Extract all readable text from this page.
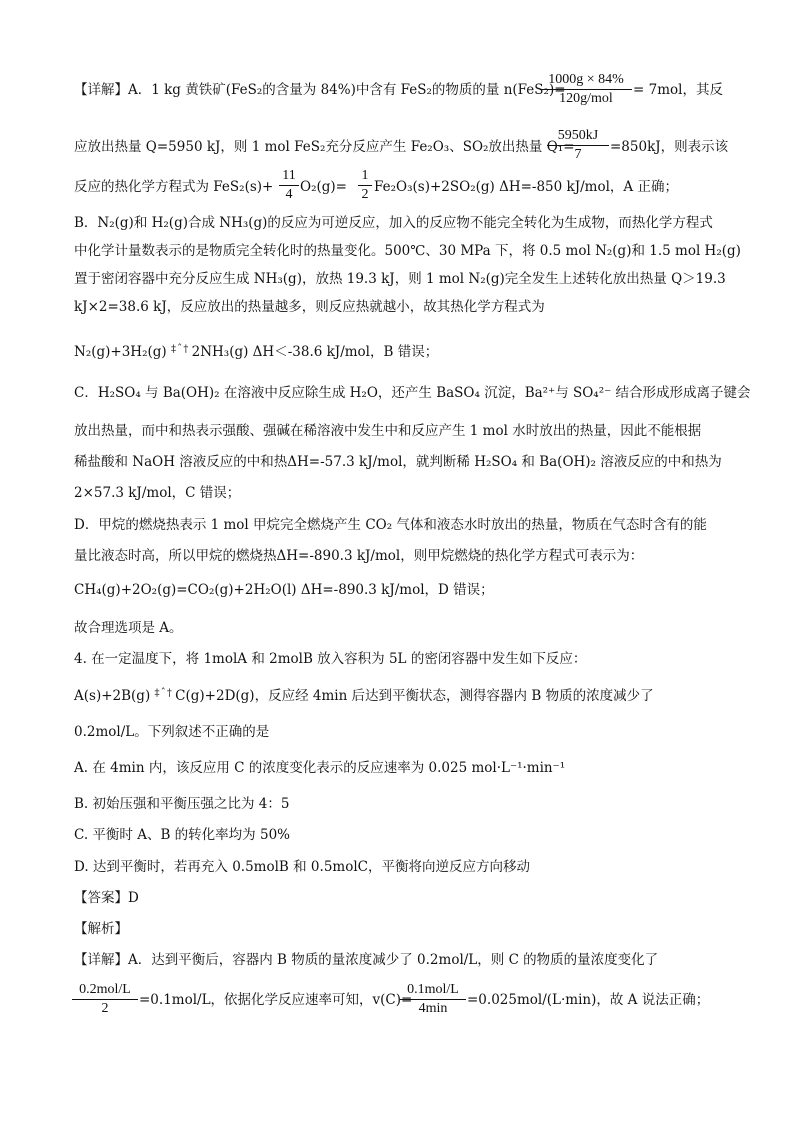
【详解】A．1 kg 黄铁矿(FeS₂的含量为 84%)中含有 FeS₂的物质的量 n(FeS₂)=
1000g × 84%
120g/mol
= 7mol，其反
应放出热量 Q=5950 kJ，则 1 mol FeS₂充分反应产生 Fe₂O₃、SO₂放出热量 Q₁=
$\frac{5950kJ}{7} =850kJ$，则表示该
反应的热化学方程式为 $FeS_2(s)+ \frac{11}{4} O_2(g)= \frac{1}{2} Fe_2O_3(s)+2SO_2(g)$ ΔH=-850 kJ/mol，A 正确；
B．N₂(g)和 H₂(g)合成 NH₃(g)的反应为可逆反应，加入的反应物不能完全转化为生成物，而热化学方程式
中化学计量数表示的是物质完全转化时的热量变化。500℃、30 MPa 下，将 0.5 mol N₂(g)和 1.5 mol H₂(g)
置于密闭容器中充分反应生成 NH₃(g)，放热 19.3 kJ，则 1 mol N₂(g)完全发生上述转化放出热量 Q＞19.3
kJ×2=38.6 kJ，反应放出的热量越多，则反应热就越小，故其热化学方程式为
N₂(g)+3H₂(g) ‡ ˆ † 2NH₃(g) ΔH＜-38.6 kJ/mol，B 错误；
C．H₂SO₄ 与 Ba(OH)₂ 在溶液中反应除生成 H₂O，还产生 BaSO₄ 沉淀，Ba²⁺与 SO₄²⁻ 结合形成形成离子键会
放出热量，而中和热表示强酸、强碱在稀溶液中发生中和反应产生 1 mol 水时放出的热量，因此不能根据
稀盐酸和 NaOH 溶液反应的中和热ΔH=-57.3 kJ/mol，就判断稀 H₂SO₄ 和 Ba(OH)₂ 溶液反应的中和热为
2×57.3 kJ/mol，C 错误；
D．甲烷的燃烧热表示 1 mol 甲烷完全燃烧产生 CO₂ 气体和液态水时放出的热量，物质在气态时含有的能
量比液态时高，所以甲烷的燃烧热ΔH=-890.3 kJ/mol，则甲烷燃烧的热化学方程式可表示为：
CH₄(g)+2O₂(g)=CO₂(g)+2H₂O(l) ΔH=-890.3 kJ/mol，D 错误；
故合理选项是 A。
4. 在一定温度下，将 1molA 和 2molB 放入容积为 5L 的密闭容器中发生如下反应：
A(s)+2B(g) ‡ ˆ † C(g)+2D(g)，反应经 4min 后达到平衡状态，测得容器内 B 物质的浓度减少了
0.2mol/L。下列叙述不正确的是
A. 在 4min 内，该反应用 C 的浓度变化表示的反应速率为 0.025 mol·L⁻¹·min⁻¹
B. 初始压强和平衡压强之比为 4：5
C. 平衡时 A、B 的转化率均为 50%
D. 达到平衡时，若再充入 0.5molB 和 0.5molC，平衡将向逆反应方向移动
【答案】D
【解析】
【详解】A．达到平衡后，容器内 B 物质的量浓度减少了 0.2mol/L，则 C 的物质的量浓度变化了
0.2mol/L
2
=0.1mol/L，依据化学反应速率可知，v(C)=
0.1mol/L
4min
=0.025mol/(L·min)，故 A 说法正确；
